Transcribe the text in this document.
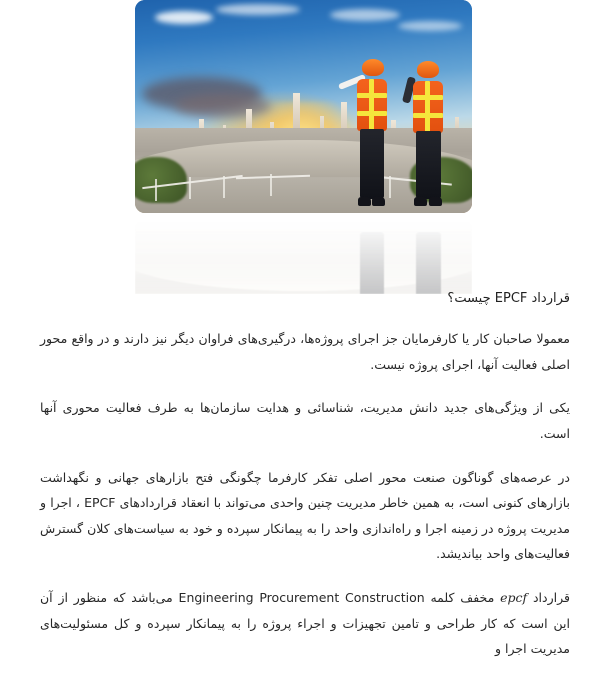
قرارداد EPCF چیست؟

معمولا صاحبان کار یا کارفرمایان جز اجرای پروژه‌ها، درگیری‌های فراوان دیگر نیز دارند و در واقع محور اصلی فعالیت آنها، اجرای پروژه نیست.

یکی از ویژگی‌های جدید دانش مدیریت، شناسائی و هدایت سازمان‌ها به طرف فعالیت محوری آنها است.

در عرصه‌های گوناگون صنعت محور اصلی تفکر کارفرما چگونگی فتح بازارهای جهانی و نگهداشت بازارهای کنونی است، به همین خاطر مدیریت چنین واحدی می‌تواند با انعقاد قراردادهای EPCF ، اجرا و مدیریت پروژه در زمینه اجرا و راه‌اندازی واحد را به پیمانکار سپرده و خود به سیاست‌های کلان گسترش فعالیت‌های واحد بیاندیشد.

قرارداد epcf مخفف کلمه Engineering Procurement Construction می‌باشد که منظور از آن این است که کار طراحی و تامین تجهیزات و اجراء پروژه را به پیمانکار سپرده و کل مسئولیت‌های مدیریت اجرا و
